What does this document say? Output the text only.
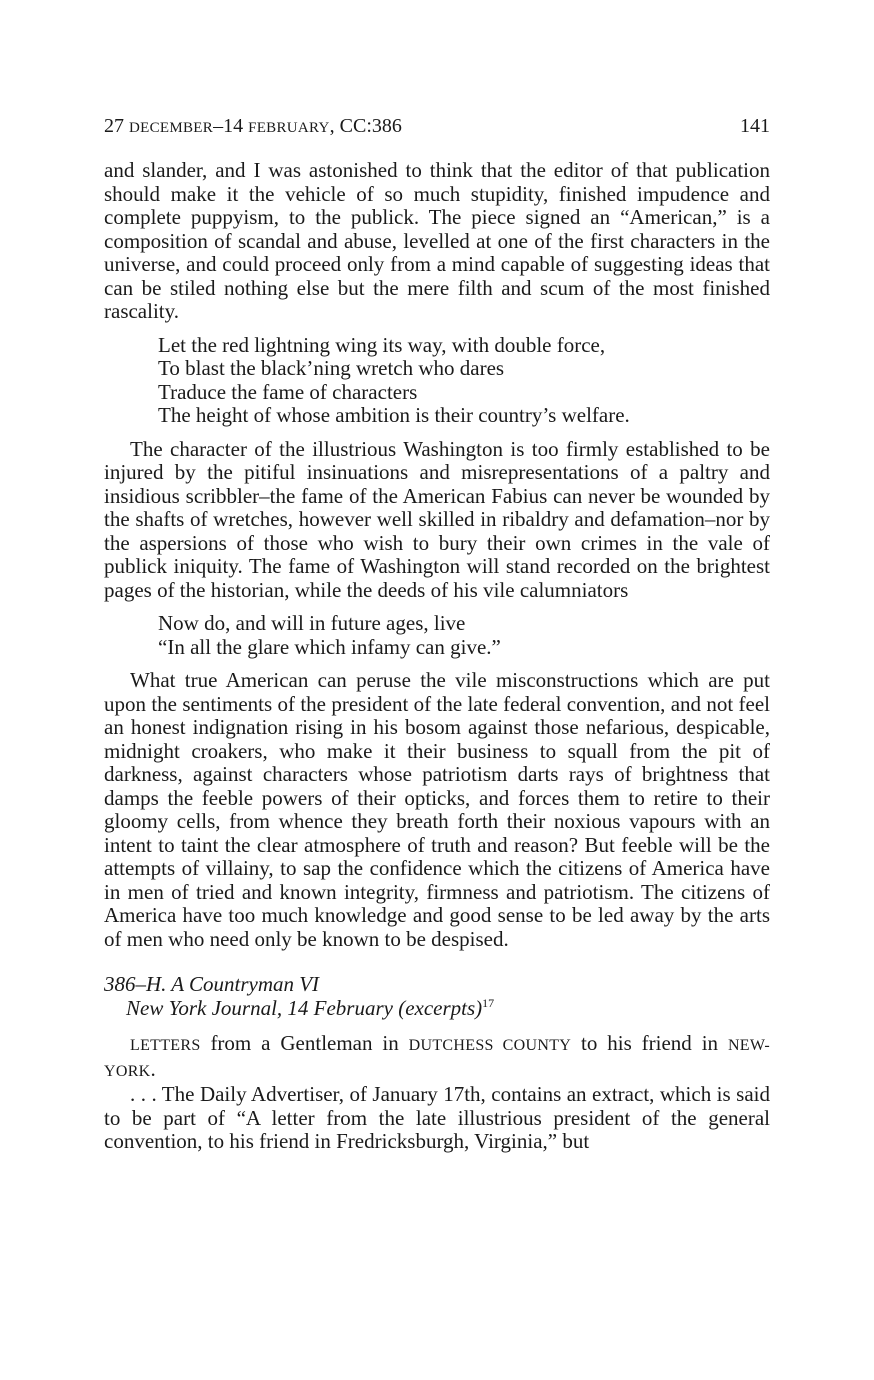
27 DECEMBER–14 FEBRUARY, CC:386	141

and slander, and I was astonished to think that the editor of that publication should make it the vehicle of so much stupidity, finished impudence and complete puppyism, to the publick. The piece signed an “American,” is a composition of scandal and abuse, levelled at one of the first characters in the universe, and could proceed only from a mind capable of suggesting ideas that can be stiled nothing else but the mere filth and scum of the most finished rascality.

Let the red lightning wing its way, with double force,
To blast the black’ning wretch who dares
Traduce the fame of characters
The height of whose ambition is their country’s welfare.

The character of the illustrious Washington is too firmly established to be injured by the pitiful insinuations and misrepresentations of a paltry and insidious scribbler–the fame of the American Fabius can never be wounded by the shafts of wretches, however well skilled in ribaldry and defamation–nor by the aspersions of those who wish to bury their own crimes in the vale of publick iniquity. The fame of Washington will stand recorded on the brightest pages of the historian, while the deeds of his vile calumniators

Now do, and will in future ages, live
“In all the glare which infamy can give.”

What true American can peruse the vile misconstructions which are put upon the sentiments of the president of the late federal convention, and not feel an honest indignation rising in his bosom against those nefarious, despicable, midnight croakers, who make it their business to squall from the pit of darkness, against characters whose patriotism darts rays of brightness that damps the feeble powers of their opticks, and forces them to retire to their gloomy cells, from whence they breath forth their noxious vapours with an intent to taint the clear atmosphere of truth and reason? But feeble will be the attempts of villainy, to sap the confidence which the citizens of America have in men of tried and known integrity, firmness and patriotism. The citizens of America have too much knowledge and good sense to be led away by the arts of men who need only be known to be despised.

386–H. A Countryman VI
New York Journal, 14 February (excerpts)$^{17}$

LETTERS from a Gentleman in DUTCHESS COUNTY to his friend in NEW-YORK.

. . . The Daily Advertiser, of January 17th, contains an extract, which is said to be part of “A letter from the late illustrious president of the general convention, to his friend in Fredricksburgh, Virginia,” but
